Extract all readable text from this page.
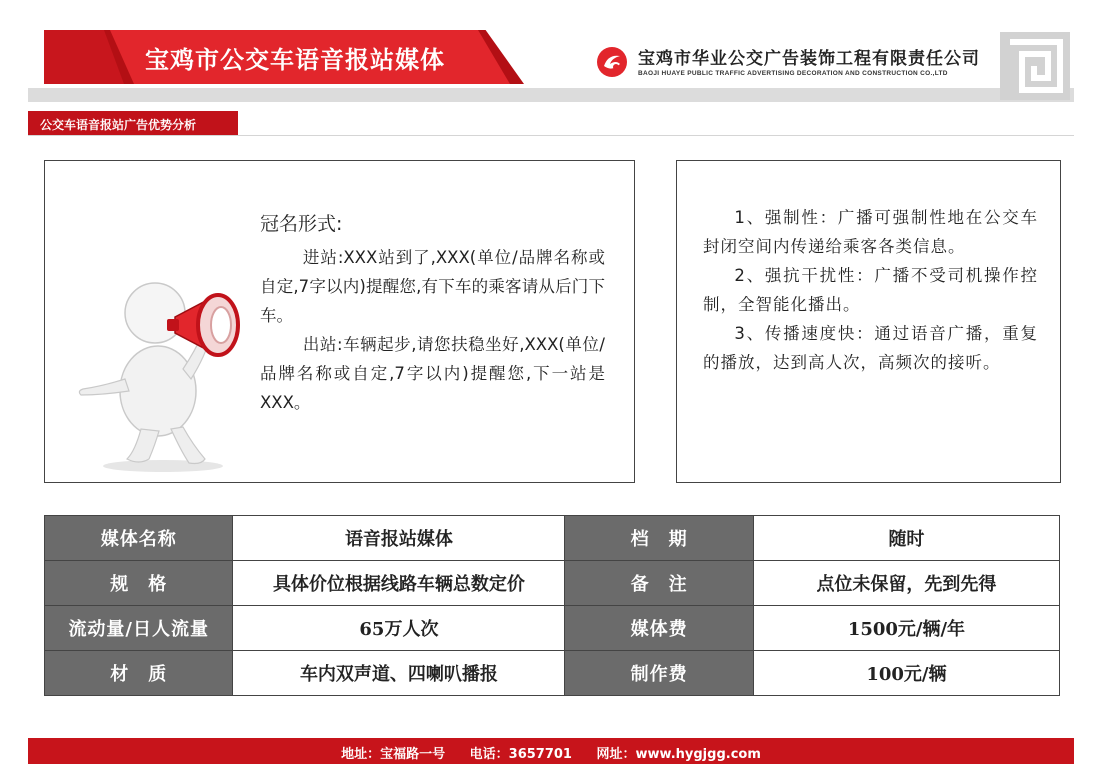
宝鸡市公交车语音报站媒体	宝鸡市华业公交广告装饰工程有限责任公司
BAOJI HUAYE PUBLIC TRAFFIC ADVERTISING DECORATION AND CONSTRUCTION CO.,LTD
公交车语音报站广告优势分析
冠名形式:

进站:XXX站到了,XXX(单位/品牌名称或自定,7字以内)提醒您,有下车的乘客请从后门下车。

出站:车辆起步,请您扶稳坐好,XXX(单位/品牌名称或自定,7字以内)提醒您,下一站是XXX。

1、强制性：广播可强制性地在公交车封闭空间内传递给乘客各类信息。

2、强抗干扰性：广播不受司机操作控制，全智能化播出。

3、传播速度快：通过语音广播，重复的播放，达到高人次，高频次的接听。

媒体名称	语音报站媒体	档　期	随时
规　格	具体价位根据线路车辆总数定价	备　注	点位未保留，先到先得
流动量/日人流量	65万人次	媒体费	1500元/辆/年
材　质	车内双声道、四喇叭播报	制作费	100元/辆
地址：宝福路一号 电话：3657701 网址：www.hygjgg.com
